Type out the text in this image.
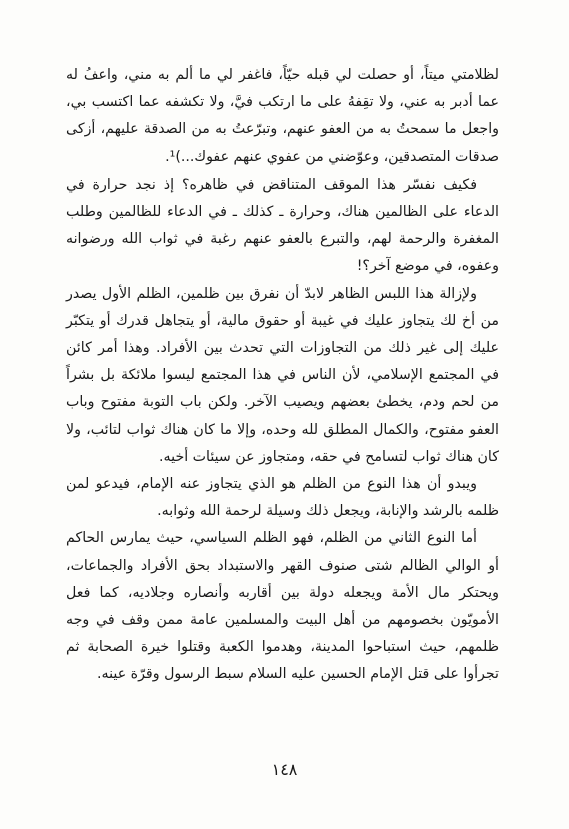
لظلامتي ميتاً، أو حصلت لي قبله حيّاً، فاغفر لي ما ألم به مني، واعفُ له عما أدبر به عني، ولا تقِفهُ على ما ارتكب فيَّ، ولا تكشفه عما اكتسب بي، واجعل ما سمحتُ به من العفو عنهم، وتبرّعتُ به من الصدقة عليهم، أزكى صدقات المتصدقين، وعوّضني من عفوي عنهم عفوك...)¹.

فكيف نفسّر هذا الموقف المتناقض في ظاهره؟ إذ نجد حرارة في الدعاء على الظالمين هناك، وحرارة ـ كذلك ـ في الدعاء للظالمين وطلب المغفرة والرحمة لهم، والتبرع بالعفو عنهم رغبة في ثواب الله ورضوانه وعفوه، في موضع آخر؟!

ولإزالة هذا اللبس الظاهر لابدّ أن نفرق بين ظلمين، الظلم الأول يصدر من أخ لك يتجاوز عليك في غيبة أو حقوق مالية، أو يتجاهل قدرك أو يتكبّر عليك إلى غير ذلك من التجاوزات التي تحدث بين الأفراد. وهذا أمر كائن في المجتمع الإسلامي، لأن الناس في هذا المجتمع ليسوا ملائكة بل بشراً من لحم ودم، يخطئ بعضهم ويصيب الآخر. ولكن باب التوبة مفتوح وباب العفو مفتوح، والكمال المطلق لله وحده، وإلا ما كان هناك ثواب لتائب، ولا كان هناك ثواب لتسامح في حقه، ومتجاوز عن سيئات أخيه.

ويبدو أن هذا النوع من الظلم هو الذي يتجاوز عنه الإمام، فيدعو لمن ظلمه بالرشد والإنابة، ويجعل ذلك وسيلة لرحمة الله وثوابه.

أما النوع الثاني من الظلم، فهو الظلم السياسي، حيث يمارس الحاكم أو الوالي الظالم شتى صنوف القهر والاستبداد بحق الأفراد والجماعات، ويحتكر مال الأمة ويجعله دولة بين أقاربه وأنصاره وجلاديه، كما فعل الأمويّون بخصومهم من أهل البيت والمسلمين عامة ممن وقف في وجه ظلمهم، حيث استباحوا المدينة، وهدموا الكعبة وقتلوا خيرة الصحابة ثم تجرأوا على قتل الإمام الحسين عليه السلام سبط الرسول وقرّة عينه.

١٤٨
